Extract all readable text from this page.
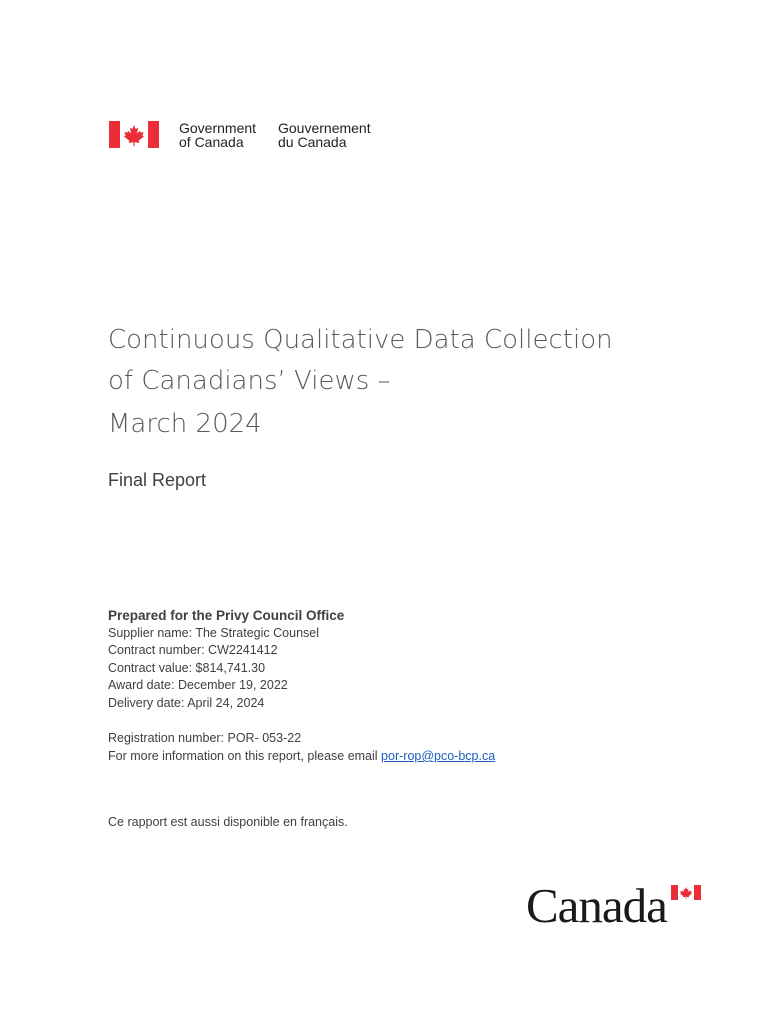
Government
of Canada
Gouvernement
du Canada
Continuous Qualitative Data Collection
of Canadians’ Views –
March 2024

Final Report

Prepared for the Privy Council Office
Supplier name: The Strategic Counsel
Contract number: CW2241412
Contract value: $814,741.30
Award date: December 19, 2022
Delivery date: April 24, 2024
Registration number: POR- 053-22
For more information on this report, please email por-rop@pco-bcp.ca
Ce rapport est aussi disponible en français.
Canada
